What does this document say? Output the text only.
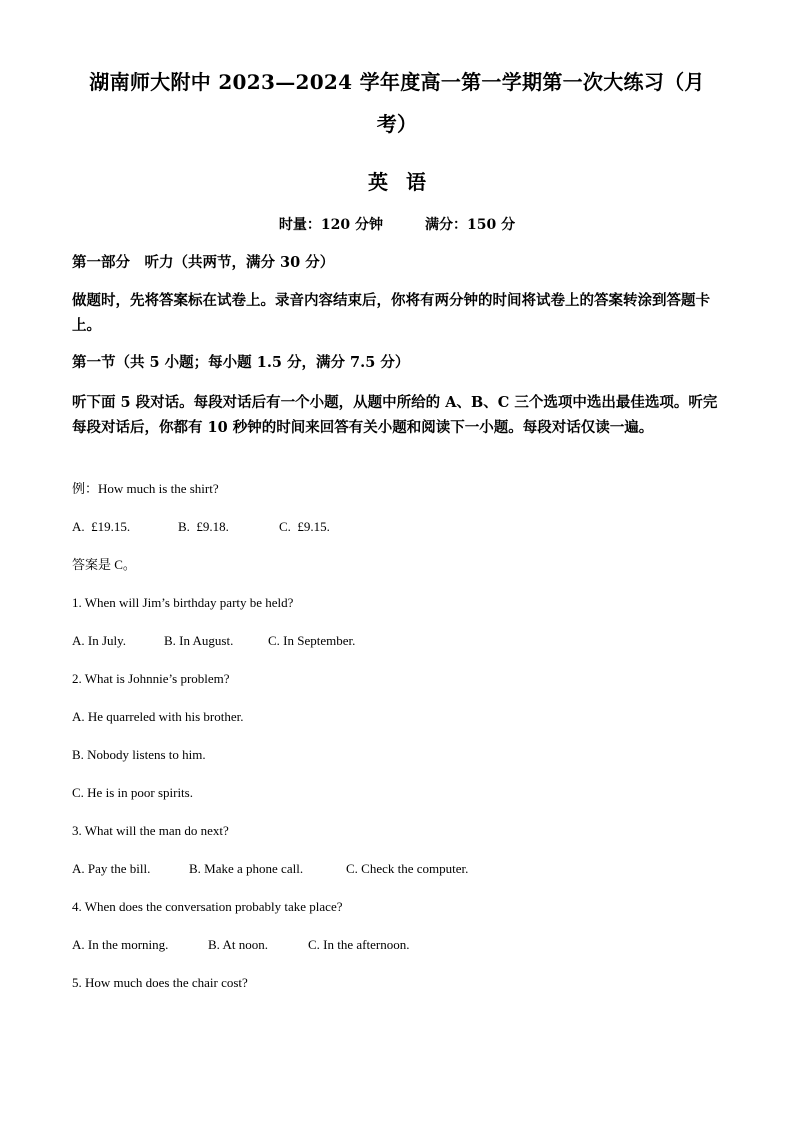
湖南师大附中 2023—2024 学年度高一第一学期第一次大练习（月
考）
英语
时量：120 分钟	满分：150 分
第一部分　听力（共两节，满分 30 分）
做题时，先将答案标在试卷上。录音内容结束后，你将有两分钟的时间将试卷上的答案转涂到答题卡上。
第一节（共 5 小题；每小题 1.5 分，满分 7.5 分）
听下面 5 段对话。每段对话后有一个小题，从题中所给的 A、B、C 三个选项中选出最佳选项。听完每段对话后，你都有 10 秒钟的时间来回答有关小题和阅读下一小题。每段对话仅读一遍。
例：How much is the shirt?
A.  £19.15.	B.  £9.18.	C.  £9.15.
答案是 C。
1. When will Jim’s birthday party be held?
A. In July.	B. In August.	C. In September.
2. What is Johnnie’s problem?
A. He quarreled with his brother.
B. Nobody listens to him.
C. He is in poor spirits.
3. What will the man do next?
A. Pay the bill.	B. Make a phone call.	C. Check the computer.
4. When does the conversation probably take place?
A. In the morning.	B. At noon.	C. In the afternoon.
5. How much does the chair cost?
